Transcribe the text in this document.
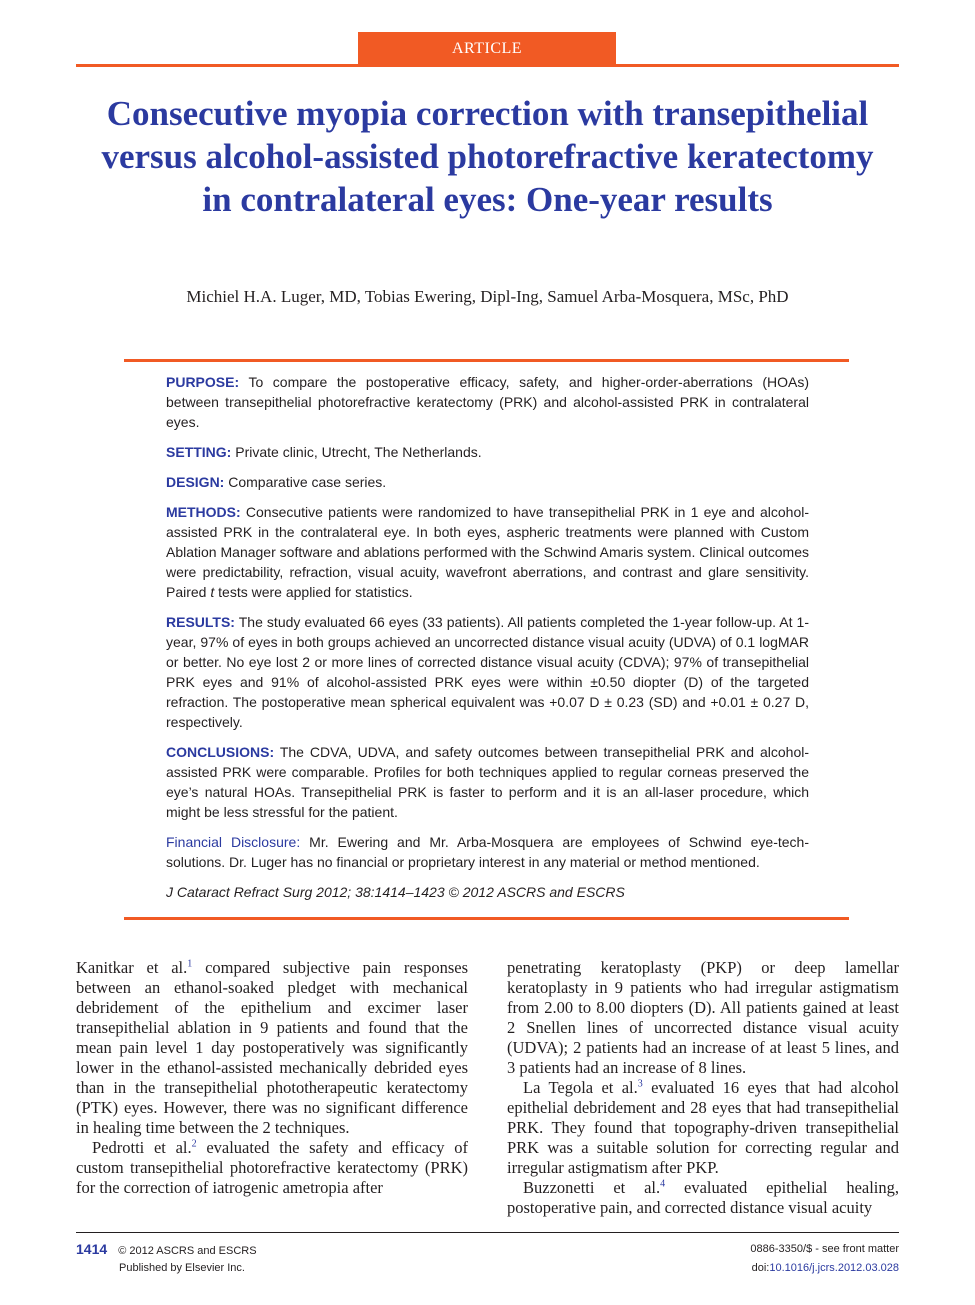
ARTICLE
Consecutive myopia correction with transepithelial versus alcohol-assisted photorefractive keratectomy in contralateral eyes: One-year results
Michiel H.A. Luger, MD, Tobias Ewering, Dipl-Ing, Samuel Arba-Mosquera, MSc, PhD

PURPOSE: To compare the postoperative efficacy, safety, and higher-order-aberrations (HOAs) between transepithelial photorefractive keratectomy (PRK) and alcohol-assisted PRK in contralateral eyes.

SETTING: Private clinic, Utrecht, The Netherlands.

DESIGN: Comparative case series.

METHODS: Consecutive patients were randomized to have transepithelial PRK in 1 eye and alcohol-assisted PRK in the contralateral eye. In both eyes, aspheric treatments were planned with Custom Ablation Manager software and ablations performed with the Schwind Amaris system. Clinical outcomes were predictability, refraction, visual acuity, wavefront aberrations, and contrast and glare sensitivity. Paired t tests were applied for statistics.

RESULTS: The study evaluated 66 eyes (33 patients). All patients completed the 1-year follow-up. At 1-year, 97% of eyes in both groups achieved an uncorrected distance visual acuity (UDVA) of 0.1 logMAR or better. No eye lost 2 or more lines of corrected distance visual acuity (CDVA); 97% of transepithelial PRK eyes and 91% of alcohol-assisted PRK eyes were within ±0.50 diopter (D) of the targeted refraction. The postoperative mean spherical equivalent was +0.07 D ± 0.23 (SD) and +0.01 ± 0.27 D, respectively.

CONCLUSIONS: The CDVA, UDVA, and safety outcomes between transepithelial PRK and alcohol-assisted PRK were comparable. Profiles for both techniques applied to regular corneas preserved the eye’s natural HOAs. Transepithelial PRK is faster to perform and it is an all-laser procedure, which might be less stressful for the patient.

Financial Disclosure: Mr. Ewering and Mr. Arba-Mosquera are employees of Schwind eye-tech-solutions. Dr. Luger has no financial or proprietary interest in any material or method mentioned.

J Cataract Refract Surg 2012; 38:1414–1423 © 2012 ASCRS and ESCRS

Kanitkar et al.$^1$ compared subjective pain responses between an ethanol-soaked pledget with mechanical debridement of the epithelium and excimer laser transepithelial ablation in 9 patients and found that the mean pain level 1 day postoperatively was significantly lower in the ethanol-assisted mechanically debrided eyes than in the transepithelial phototherapeutic keratectomy (PTK) eyes. However, there was no significant difference in healing time between the 2 techniques.

Pedrotti et al.$^2$ evaluated the safety and efficacy of custom transepithelial photorefractive keratectomy (PRK) for the correction of iatrogenic ametropia after

penetrating keratoplasty (PKP) or deep lamellar keratoplasty in 9 patients who had irregular astigmatism from 2.00 to 8.00 diopters (D). All patients gained at least 2 Snellen lines of uncorrected distance visual acuity (UDVA); 2 patients had an increase of at least 5 lines, and 3 patients had an increase of 8 lines.

La Tegola et al.$^3$ evaluated 16 eyes that had alcohol epithelial debridement and 28 eyes that had transepithelial PRK. They found that topography-driven transepithelial PRK was a suitable solution for correcting regular and irregular astigmatism after PKP.

Buzzonetti et al.$^4$ evaluated epithelial healing, postoperative pain, and corrected distance visual acuity

1414 © 2012 ASCRS and ESCRS
Published by Elsevier Inc.
0886-3350/$ - see front matter
doi:10.1016/j.jcrs.2012.03.028
